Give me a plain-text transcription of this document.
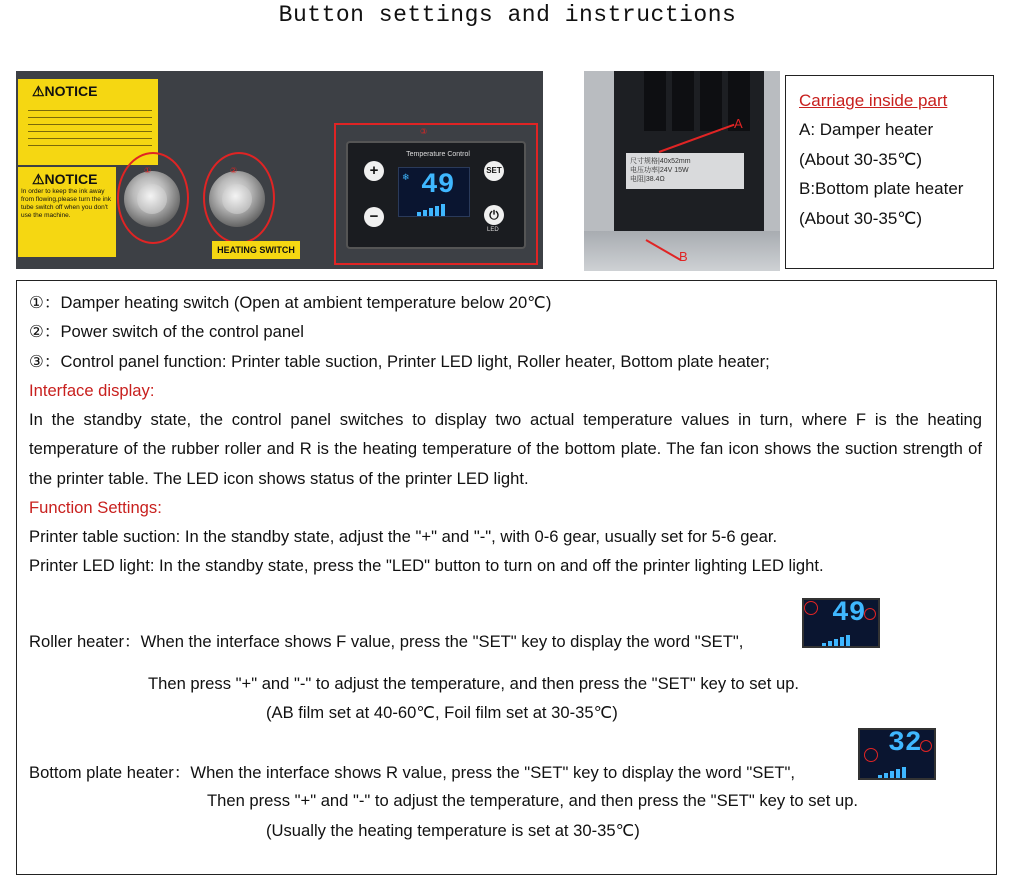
Button settings and instructions
⚠NOTICE
⚠NOTICE
In order to keep the ink away from flowing,please turn the ink tube switch off when you don't use the machine.
①	②
HEATING SWITCH
③
Temperature Control
+
−
SET
⏻
LED
❄ 49
尺寸规格|40x52mm
电压功率|24V 15W
电阻|38.4Ω
A
B
Carriage inside part
A: Damper heater
(About 30-35℃)
B:Bottom plate heater
(About 30-35℃)
①：Damper heating switch (Open at ambient temperature below 20℃)
②：Power switch of the control panel
③：Control panel function: Printer table suction, Printer LED light, Roller heater, Bottom plate heater;
Interface display:
In the standby state, the control panel switches to display two actual temperature values in turn, where F is the heating temperature of the rubber roller and R is the heating temperature of the bottom plate. The fan icon shows the suction strength of the printer table. The LED icon shows status of the printer LED light.
Function Settings:
Printer table suction: In the standby state, adjust the "+" and "-", with 0-6 gear, usually set for 5-6 gear.
Printer LED light: In the standby state, press the "LED" button to turn on and off the printer lighting LED light.
Roller heater：When the interface shows F value, press the "SET" key to display the word "SET",
49
Then press "+" and "-" to adjust the temperature, and then press the "SET" key to set up.
(AB film set at 40-60℃, Foil film set at 30-35℃)
Bottom plate heater：When the interface shows R value, press the "SET" key to display the word "SET",
32
Then press "+" and "-" to adjust the temperature, and then press the "SET" key to set up.
(Usually the heating temperature is set at 30-35℃)
